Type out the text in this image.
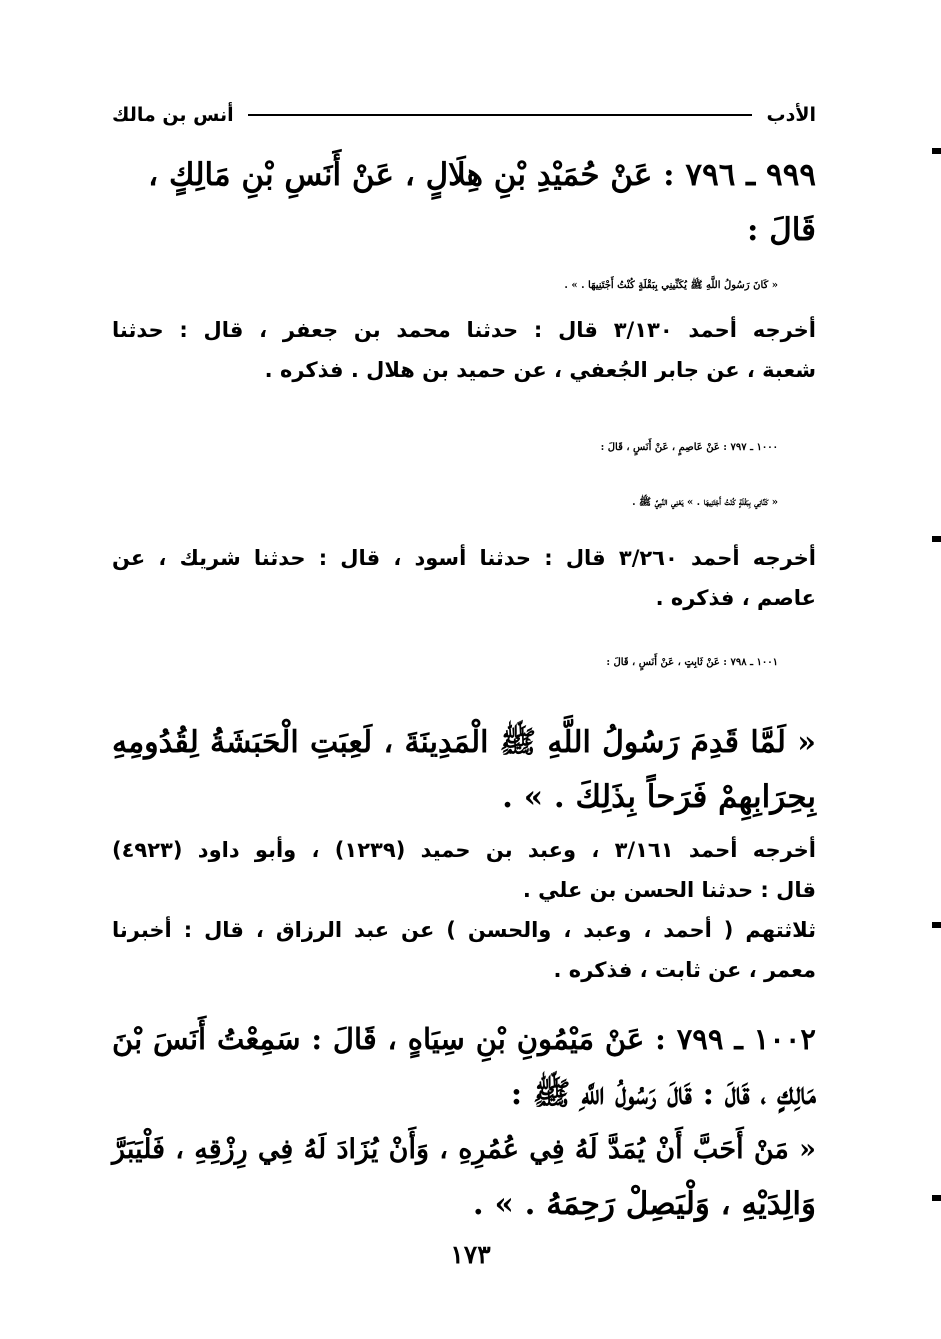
الأدب
أنس بن مالك
٩٩٩ ـ ٧٩٦ : عَنْ حُمَيْدِ بْنِ هِلَالٍ ، عَنْ أَنَسِ بْنِ مَالِكٍ ،
قَالَ :
« كَانَ رَسُولُ اللَّهِ ﷺ يُكَنِّينِي بِبَقْلَةٍ كُنْتُ أَجْتَنِيهَا . » .
أخرجه أحمد ٣/١٣٠ قال : حدثنا محمد بن جعفر ، قال : حدثنا
شعبة ، عن جابر الجُعفي ، عن حميد بن هلال . فذكره .
١٠٠٠ ـ ٧٩٧ : عَنْ عَاصِمٍ ، عَنْ أَنَسٍ ، قَالَ :
« كَنَّانِي بِبَقْلَةٍ كُنْتُ أَجْتَنِيهَا . » يَعْنِي النَّبِيَّ ﷺ .
أخرجه أحمد ٣/٢٦٠ قال : حدثنا أسود ، قال : حدثنا شريك ، عن
عاصم ، فذكره .
١٠٠١ ـ ٧٩٨ : عَنْ ثَابِتٍ ، عَنْ أَنَسٍ ، قَالَ :
« لَمَّا قَدِمَ رَسُولُ اللَّهِ ﷺ الْمَدِينَةَ ، لَعِبَتِ الْحَبَشَةُ لِقُدُومِهِ
بِحِرَابِهِمْ فَرَحاً بِذَلِكَ . » .
أخرجه أحمد ٣/١٦١ ، وعبد بن حميد (١٢٣٩) ، وأبو داود (٤٩٢٣)
قال : حدثنا الحسن بن علي .
ثلاثتهم ( أحمد ، وعبد ، والحسن ) عن عبد الرزاق ، قال : أخبرنا
معمر ، عن ثابت ، فذكره .
١٠٠٢ ـ ٧٩٩ : عَنْ مَيْمُونِ بْنِ سِيَاهٍ ، قَالَ : سَمِعْتُ أَنَسَ بْنَ
مَالِكٍ ، قَالَ : قَالَ رَسُولُ اللَّهِ ﷺ :
« مَنْ أَحَبَّ أَنْ يُمَدَّ لَهُ فِي عُمُرِهِ ، وَأَنْ يُزَادَ لَهُ فِي رِزْقِهِ ، فَلْيَبَرَّ
وَالِدَيْهِ ، وَلْيَصِلْ رَحِمَهُ . » .
١٧٣
